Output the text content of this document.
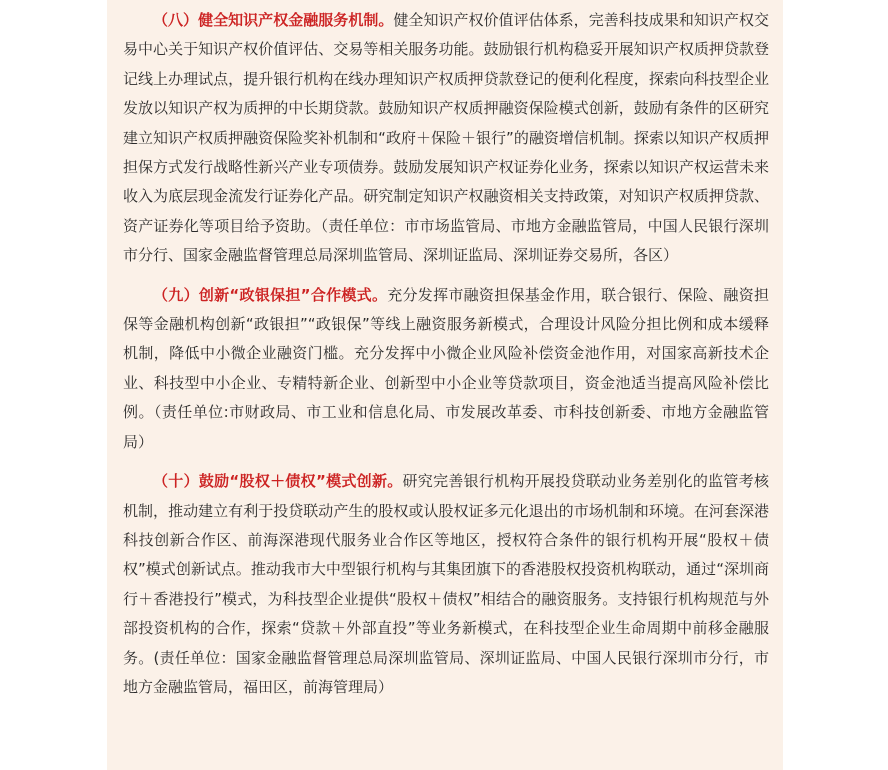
（八）健全知识产权金融服务机制。健全知识产权价值评估体系，完善科技成果和知识产权交易中心关于知识产权价值评估、交易等相关服务功能。鼓励银行机构稳妥开展知识产权质押贷款登记线上办理试点，提升银行机构在线办理知识产权质押贷款登记的便利化程度，探索向科技型企业发放以知识产权为质押的中长期贷款。鼓励知识产权质押融资保险模式创新，鼓励有条件的区研究建立知识产权质押融资保险奖补机制和“政府＋保险＋银行”的融资增信机制。探索以知识产权质押担保方式发行战略性新兴产业专项债券。鼓励发展知识产权证券化业务，探索以知识产权运营未来收入为底层现金流发行证券化产品。研究制定知识产权融资相关支持政策，对知识产权质押贷款、资产证券化等项目给予资助。（责任单位：市市场监管局、市地方金融监管局，中国人民银行深圳市分行、国家金融监督管理总局深圳监管局、深圳证监局、深圳证券交易所，各区）

（九）创新“政银保担”合作模式。充分发挥市融资担保基金作用，联合银行、保险、融资担保等金融机构创新“政银担”“政银保”等线上融资服务新模式，合理设计风险分担比例和成本缓释机制，降低中小微企业融资门槛。充分发挥中小微企业风险补偿资金池作用，对国家高新技术企业、科技型中小企业、专精特新企业、创新型中小企业等贷款项目，资金池适当提高风险补偿比例。（责任单位:市财政局、市工业和信息化局、市发展改革委、市科技创新委、市地方金融监管局）

（十）鼓励“股权＋债权”模式创新。研究完善银行机构开展投贷联动业务差别化的监管考核机制，推动建立有利于投贷联动产生的股权或认股权证多元化退出的市场机制和环境。在河套深港科技创新合作区、前海深港现代服务业合作区等地区，授权符合条件的银行机构开展“股权＋债权”模式创新试点。推动我市大中型银行机构与其集团旗下的香港股权投资机构联动，通过“深圳商行＋香港投行”模式，为科技型企业提供“股权＋债权”相结合的融资服务。支持银行机构规范与外部投资机构的合作，探索“贷款＋外部直投”等业务新模式，在科技型企业生命周期中前移金融服务。(责任单位：国家金融监督管理总局深圳监管局、深圳证监局、中国人民银行深圳市分行，市地方金融监管局，福田区，前海管理局）
